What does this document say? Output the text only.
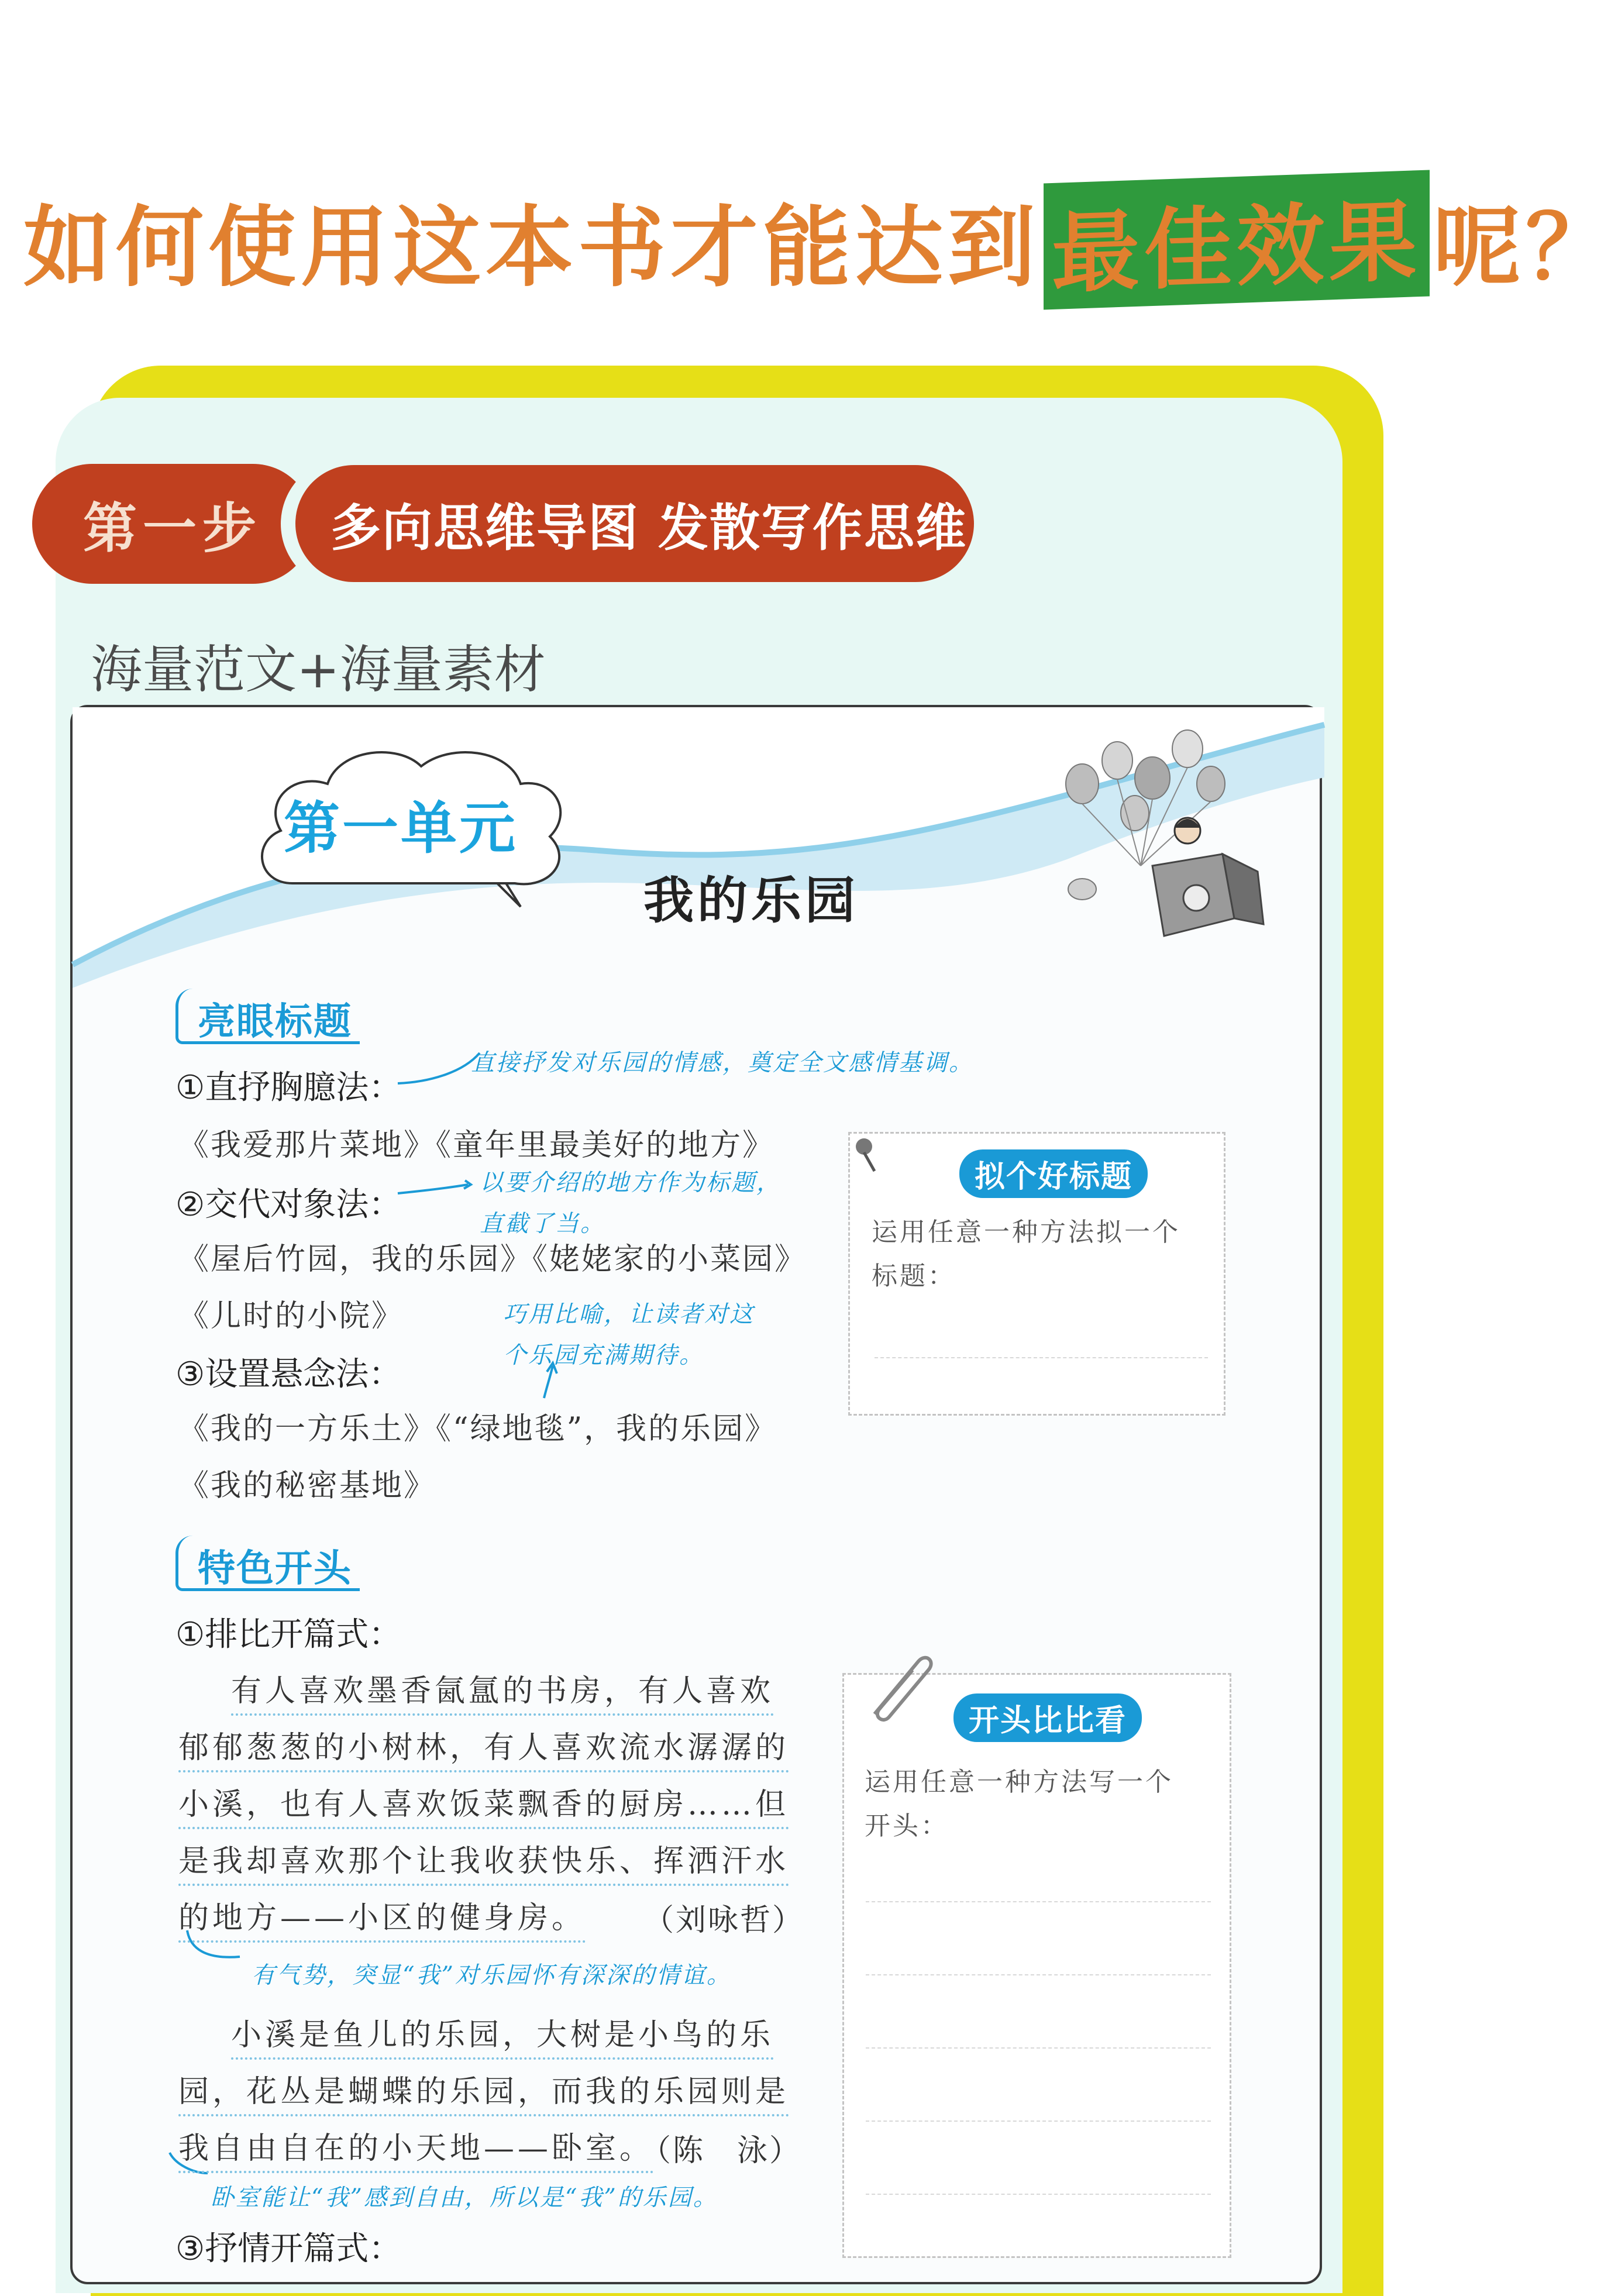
如何使用这本书才能达到 最佳效果 呢？
第一步 多向思维导图 发散写作思维
海量范文+海量素材
第一单元
我的乐园
亮眼标题
①直抒胸臆法：
直接抒发对乐园的情感，奠定全文感情基调。
《我爱那片菜地》《童年里最美好的地方》
②交代对象法：
以要介绍的地方作为标题，
直截了当。
《屋后竹园，我的乐园》《姥姥家的小菜园》
《儿时的小院》	巧用比喻，让读者对这
个乐园充满期待。
③设置悬念法：
《我的一方乐土》《“绿地毯”，我的乐园》
《我的秘密基地》
拟个好标题
运用任意一种方法拟一个
标题：
特色开头
①排比开篇式：
有人喜欢墨香氤氲的书房，有人喜欢
郁郁葱葱的小树林，有人喜欢流水潺潺的
小溪，也有人喜欢饭菜飘香的厨房……但
是我却喜欢那个让我收获快乐、挥洒汗水
的地方——小区的健身房。 （刘咏哲）
有气势，突显“我”对乐园怀有深深的情谊。
小溪是鱼儿的乐园，大树是小鸟的乐
园，花丛是蝴蝶的乐园，而我的乐园则是
我自由自在的小天地——卧室。
（陈　泳）
卧室能让“我”感到自由，所以是“我”的乐园。
③抒情开篇式：
开头比比看
运用任意一种方法写一个
开头：
